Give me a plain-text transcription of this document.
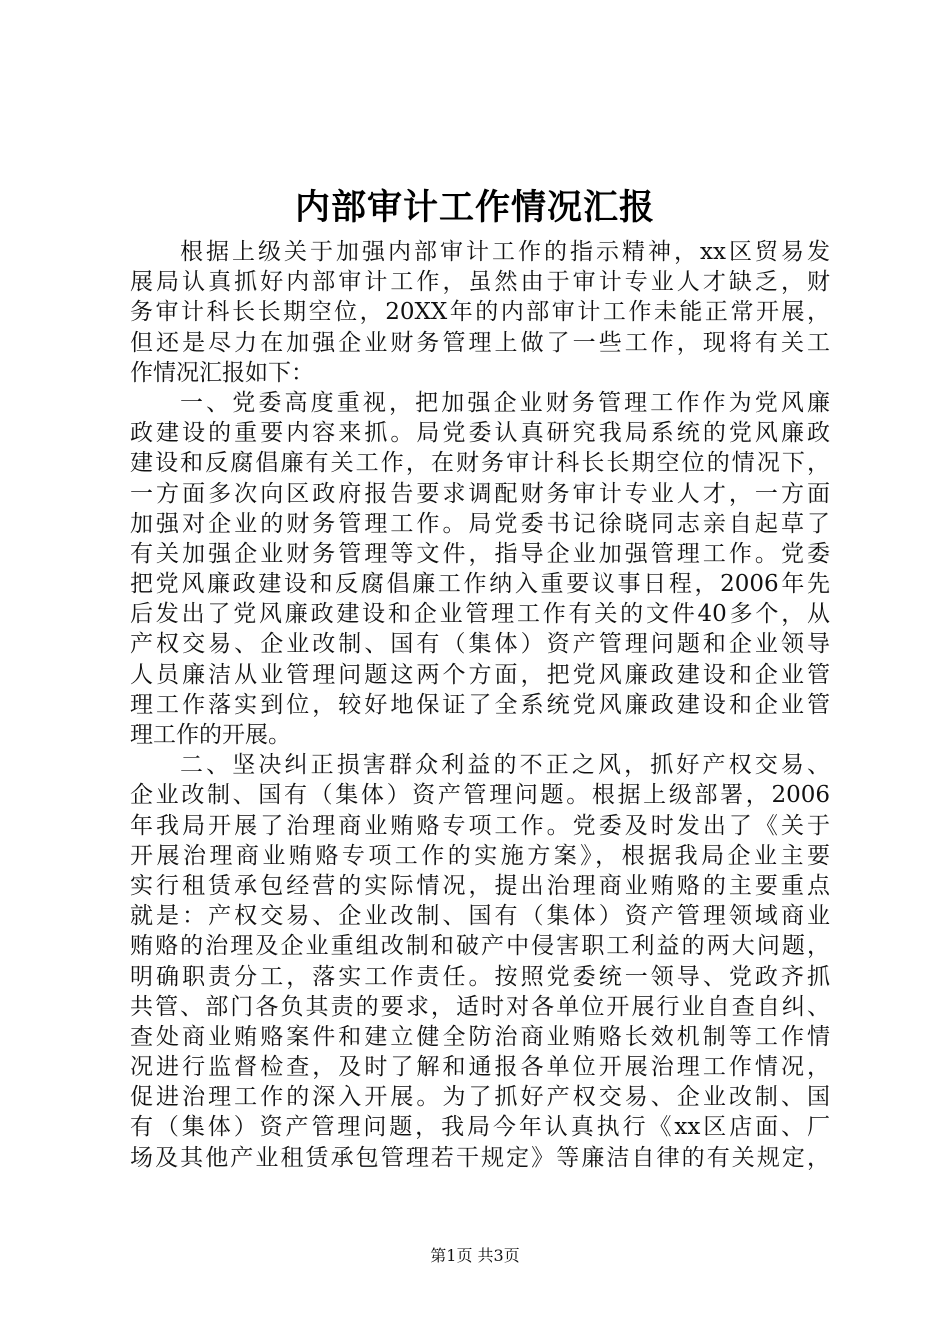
内部审计工作情况汇报
根据上级关于加强内部审计工作的指示精神，xx区贸易发
展局认真抓好内部审计工作，虽然由于审计专业人才缺乏，财
务审计科长长期空位，20XX年的内部审计工作未能正常开展，
但还是尽力在加强企业财务管理上做了一些工作，现将有关工
作情况汇报如下：
一、党委高度重视，把加强企业财务管理工作作为党风廉
政建设的重要内容来抓。局党委认真研究我局系统的党风廉政
建设和反腐倡廉有关工作，在财务审计科长长期空位的情况下，
一方面多次向区政府报告要求调配财务审计专业人才，一方面
加强对企业的财务管理工作。局党委书记徐晓同志亲自起草了
有关加强企业财务管理等文件，指导企业加强管理工作。党委
把党风廉政建设和反腐倡廉工作纳入重要议事日程，2006年先
后发出了党风廉政建设和企业管理工作有关的文件40多个，从
产权交易、企业改制、国有（集体）资产管理问题和企业领导
人员廉洁从业管理问题这两个方面，把党风廉政建设和企业管
理工作落实到位，较好地保证了全系统党风廉政建设和企业管
理工作的开展。
二、坚决纠正损害群众利益的不正之风，抓好产权交易、
企业改制、国有（集体）资产管理问题。根据上级部署，2006
年我局开展了治理商业贿赂专项工作。党委及时发出了《关于
开展治理商业贿赂专项工作的实施方案》，根据我局企业主要
实行租赁承包经营的实际情况，提出治理商业贿赂的主要重点
就是：产权交易、企业改制、国有（集体）资产管理领域商业
贿赂的治理及企业重组改制和破产中侵害职工利益的两大问题，
明确职责分工，落实工作责任。按照党委统一领导、党政齐抓
共管、部门各负其责的要求，适时对各单位开展行业自查自纠、
查处商业贿赂案件和建立健全防治商业贿赂长效机制等工作情
况进行监督检查，及时了解和通报各单位开展治理工作情况，
促进治理工作的深入开展。为了抓好产权交易、企业改制、国
有（集体）资产管理问题，我局今年认真执行《xx区店面、厂
场及其他产业租赁承包管理若干规定》等廉洁自律的有关规定，
第1页 共3页
